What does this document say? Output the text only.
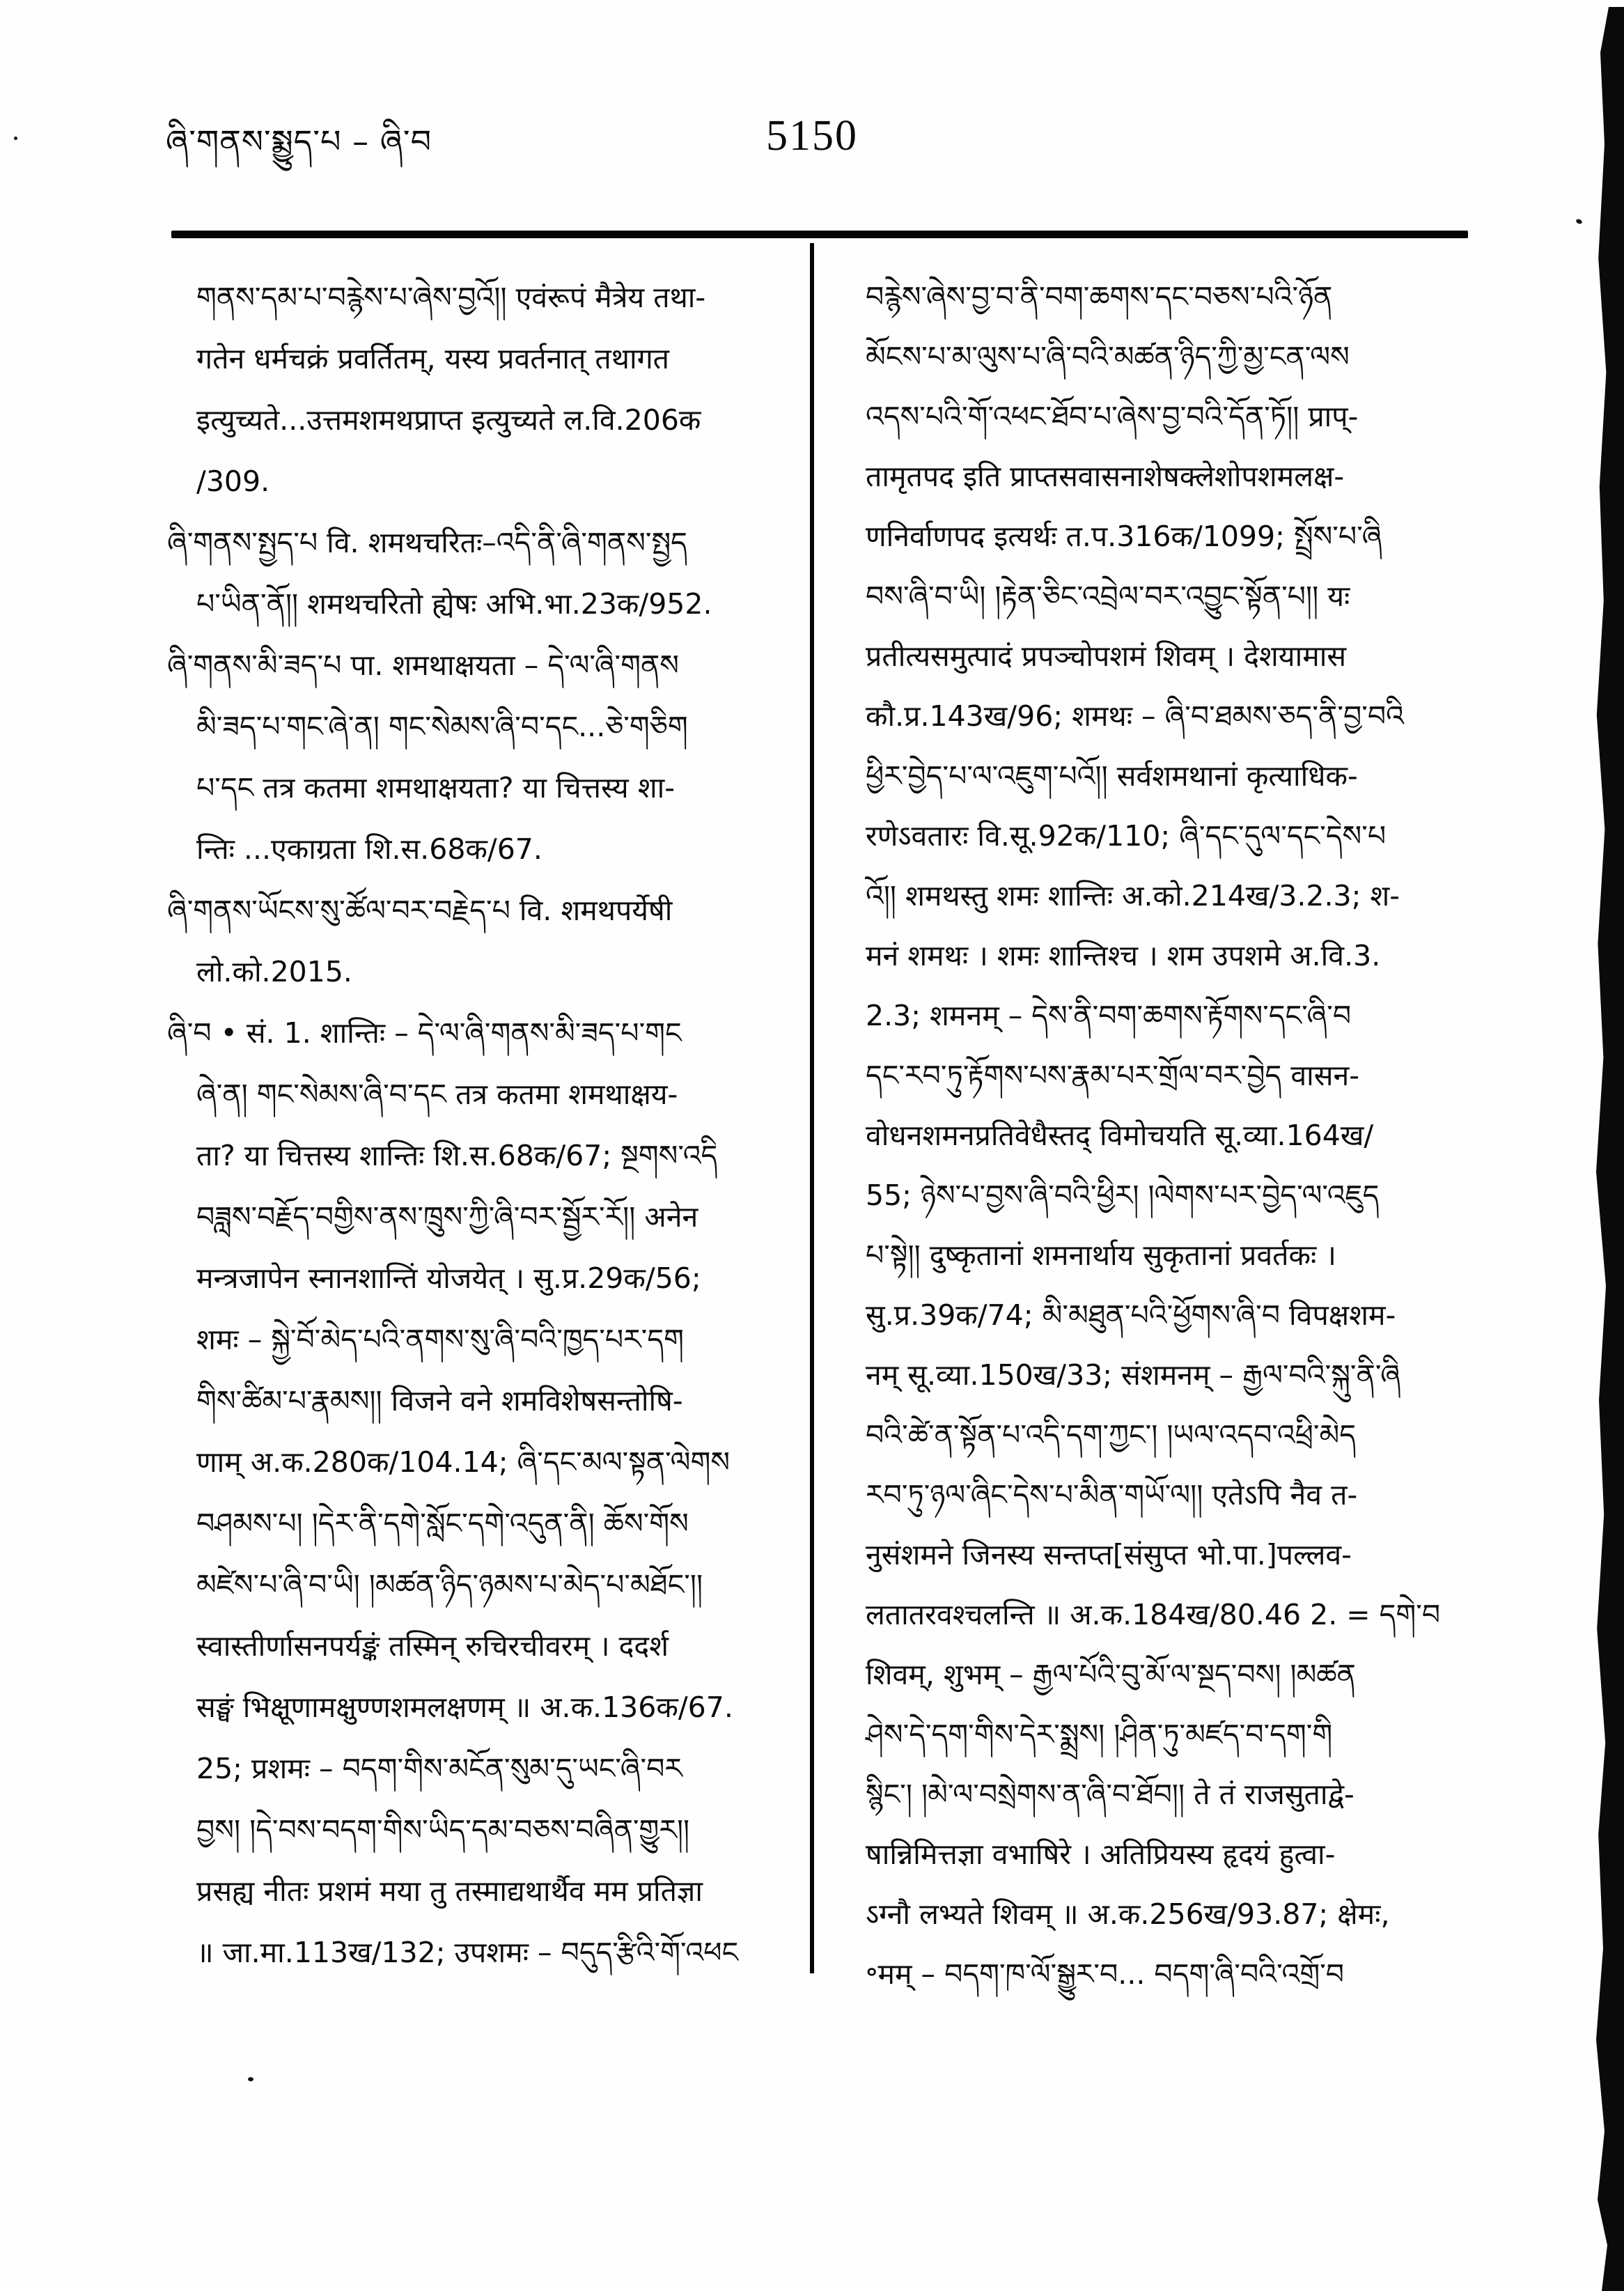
ཞི་གནས་སྨྱུད་པ – ཞི་བ	5150
གནས་དམ་པ་བརྙེས་པ་ཞེས་བྱའོ།། एवंरूपं मैत्रेय तथा-
गतेन धर्मचक्रं प्रवर्तितम्, यस्य प्रवर्तनात् तथागत
इत्युच्यते...उत्तमशमथप्राप्त इत्युच्यते ल.वि.206क
/309.
ཞི་གནས་སྤྱད་པ वि. शमथचरितः–འདི་ནི་ཞི་གནས་སྤྱད
པ་ཡིན་ནོ།། शमथचरितो ह्येषः अभि.भा.23क/952.
ཞི་གནས་མི་ཟད་པ पा. शमथाक्षयता – དེ་ལ་ཞི་གནས
མི་ཟད་པ་གང་ཞེ་ན། གང་སེམས་ཞི་བ་དང...ཅེ་གཅིག
པ་དང तत्र कतमा शमथाक्षयता? या चित्तस्य शा-
न्तिः ...एकाग्रता शि.स.68क/67.
ཞི་གནས་ཡོངས་སུ་ཚོལ་བར་བརྗེད་པ वि. शमथपर्येषी
लो.को.2015.
ཞི་བ • सं. 1. शान्तिः – དེ་ལ་ཞི་གནས་མི་ཟད་པ་གང
ཞེ་ན། གང་སེམས་ཞི་བ་དང तत्र कतमा शमथाक्षय-
ता? या चित्तस्य शान्तिः शि.स.68क/67; སྔགས་འདི
བཟླས་བརྗོད་བགྱིས་ནས་ཁྲུས་ཀྱི་ཞི་བར་སྦྱོར་རོ།། अनेन
मन्त्रजापेन स्नानशान्तिं योजयेत् । सु.प्र.29क/56;
शमः – སྐྱེ་བོ་མེད་པའི་ནགས་སུ་ཞི་བའི་ཁྱད་པར་དག
གིས་ཚིམ་པ་རྣམས།། विजने वने शमविशेषसन्तोषि-
णाम् अ.क.280क/104.14; ཞི་དང་མལ་སྟན་ལེགས
བཤམས་པ། །དེར་ནི་དགེ་སློང་དགེ་འདུན་ནི། ཆོས་གོས
མཛེས་པ་ཞི་བ་ཡི། །མཚན་ཉིད་ཉམས་པ་མེད་པ་མཐོང་།།
स्वास्तीर्णासनपर्यङ्कं तस्मिन् रुचिरचीवरम् । ददर्श
सङ्घं भिक्षूणामक्षुण्णशमलक्षणम् ॥ अ.क.136क/67.
25; प्रशमः – བདག་གིས་མངོན་སུམ་དུ་ཡང་ཞི་བར
བྱས། །དེ་བས་བདག་གིས་ཡིད་དམ་བཅས་བཞིན་གྱུར།།
प्रसह्य नीतः प्रशमं मया तु तस्माद्यथार्थैव मम प्रतिज्ञा
॥ जा.मा.113ख/132; उपशमः – བདུད་རྩིའི་གོ་འཕང
བརྙེས་ཞེས་བྱ་བ་ནི་བག་ཆགས་དང་བཅས་པའི་ཉོན
མོངས་པ་མ་ལུས་པ་ཞི་བའི་མཚན་ཉིད་ཀྱི་མྱ་ངན་ལས
འདས་པའི་གོ་འཕང་ཐོབ་པ་ཞེས་བྱ་བའི་དོན་ཏོ།། प्राप्-
तामृतपद इति प्राप्तसवासनाशेषक्लेशोपशमलक्ष-
णनिर्वाणपद इत्यर्थः त.प.316क/1099; སྤྲོས་པ་ཞི
བས་ཞི་བ་ཡི། །རྟེན་ཅིང་འབྲེལ་བར་འབྱུང་སྟོན་པ།། यः
प्रतीत्यसमुत्पादं प्रपञ्चोपशमं शिवम् । देशयामास
कौ.प्र.143ख/96; शमथः – ཞི་བ་ཐམས་ཅད་ནི་བྱ་བའི
ཕྱིར་བྱེད་པ་ལ་འཇུག་པའོ།། सर्वशमथानां कृत्याधिक-
रणेऽवतारः वि.सू.92क/110; ཞི་དང་དུལ་དང་དེས་པ
འོ།། शमथस्तु शमः शान्तिः अ.को.214ख/3.2.3; श-
मनं शमथः । शमः शान्तिश्च । शम उपशमे अ.वि.3.
2.3; शमनम् – དེས་ནི་བག་ཆགས་རྟོགས་དང་ཞི་བ
དང་རབ་ཏུ་རྟོགས་པས་རྣམ་པར་གྲོལ་བར་བྱེད वासन-
वोधनशमनप्रतिवेधैस्तद् विमोचयति सू.व्या.164ख/
55; ཉེས་པ་བྱས་ཞི་བའི་ཕྱིར། །ལེགས་པར་བྱེད་ལ་འཇུད
པ་སྟེ།། दुष्कृतानां शमनार्थाय सुकृतानां प्रवर्तकः ।
सु.प्र.39क/74; མི་མཐུན་པའི་ཕྱོགས་ཞི་བ विपक्षशम-
नम् सू.व्या.150ख/33; संशमनम् – རྒྱལ་བའི་སྐུ་ནི་ཞི
བའི་ཚེ་ན་སྟོན་པ་འདི་དག་ཀྱང་། །ཡལ་འདབ་འཕྲི་མེད
རབ་ཏུ་ཉལ་ཞིང་དེས་པ་མིན་གཡོ་ལ།། एतेऽपि नैव त-
नुसंशमने जिनस्य सन्तप्त[संसुप्त भो.पा.]पल्लव-
लतातरवश्चलन्ति ॥ अ.क.184ख/80.46 2. = དགེ་བ
शिवम्, शुभम् – རྒྱལ་པོའི་བུ་མོ་ལ་སྔད་བས། །མཚན
ཤེས་དེ་དག་གིས་དེར་སྨྲས། །ཤིན་ཏུ་མཛད་བ་དག་གི
སྙིང་། །མེ་ལ་བསྲེགས་ན་ཞི་བ་ཐོབ།། ते तं राजसुताद्वे-
षान्निमित्तज्ञा वभाषिरे । अतिप्रियस्य हृदयं हुत्वा-
ऽग्नौ लभ्यते शिवम् ॥ अ.क.256ख/93.87; क्षेमः,
॰मम् – བདག་ཁ་ལོ་སྒྱུར་བ... བདག་ཞི་བའི་འགྲོ་བ
